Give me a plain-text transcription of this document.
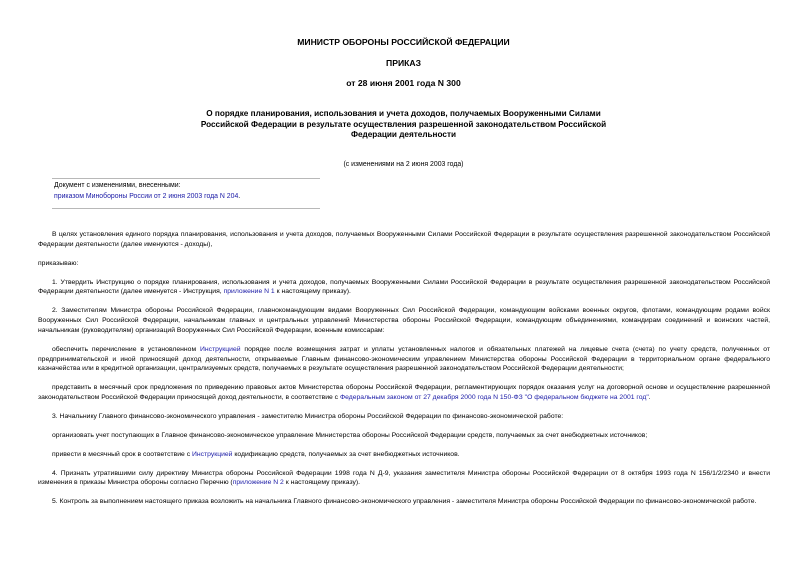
МИНИСТР ОБОРОНЫ РОССИЙСКОЙ ФЕДЕРАЦИИ
ПРИКАЗ
от 28 июня 2001 года N 300
О порядке планирования, использования и учета доходов, получаемых Вооруженными Силами Российской Федерации в результате осуществления разрешенной законодательством Российской Федерации деятельности
(с изменениями на 2 июня 2003 года)
Документ с изменениями, внесенными:
приказом Минобороны России от 2 июня 2003 года N 204.

В целях установления единого порядка планирования, использования и учета доходов, получаемых Вооруженными Силами Российской Федерации в результате осуществления разрешенной законодательством Российской Федерации деятельности (далее именуются - доходы),

приказываю:

1. Утвердить Инструкцию о порядке планирования, использования и учета доходов, получаемых Вооруженными Силами Российской Федерации в результате осуществления разрешенной законодательством Российской Федерации деятельности (далее именуется - Инструкция, приложение N 1 к настоящему приказу).

2. Заместителям Министра обороны Российской Федерации, главнокомандующим видами Вооруженных Сил Российской Федерации, командующим войсками военных округов, флотами, командующим родами войск Вооруженных Сил Российской Федерации, начальникам главных и центральных управлений Министерства обороны Российской Федерации, командующим объединениями, командирам соединений и воинских частей, начальникам (руководителям) организаций Вооруженных Сил Российской Федерации, военным комиссарам:

обеспечить перечисление в установленном Инструкцией порядке после возмещения затрат и уплаты установленных налогов и обязательных платежей на лицевые счета (счета) по учету средств, полученных от предпринимательской и иной приносящей доход деятельности, открываемые Главным финансово-экономическим управлением Министерства обороны Российской Федерации в территориальном органе федерального казначейства или в кредитной организации, централизуемых средств, получаемых в результате осуществления разрешенной законодательством Российской Федерации деятельности;

представить в месячный срок предложения по приведению правовых актов Министерства обороны Российской Федерации, регламентирующих порядок оказания услуг на договорной основе и осуществление разрешенной законодательством Российской Федерации приносящей доход деятельности, в соответствие с Федеральным законом от 27 декабря 2000 года N 150-ФЗ "О федеральном бюджете на 2001 год".

3. Начальнику Главного финансово-экономического управления - заместителю Министра обороны Российской Федерации по финансово-экономической работе:

организовать учет поступающих в Главное финансово-экономическое управление Министерства обороны Российской Федерации средств, получаемых за счет внебюджетных источников;

привести в месячный срок в соответствие с Инструкцией кодификацию средств, получаемых за счет внебюджетных источников.

4. Признать утратившими силу директиву Министра обороны Российской Федерации 1998 года N Д-9, указания заместителя Министра обороны Российской Федерации от 8 октября 1993 года N 156/1/2/2340 и внести изменения в приказы Министра обороны согласно Перечню (приложение N 2 к настоящему приказу).

5. Контроль за выполнением настоящего приказа возложить на начальника Главного финансово-экономического управления - заместителя Министра обороны Российской Федерации по финансово-экономической работе.
